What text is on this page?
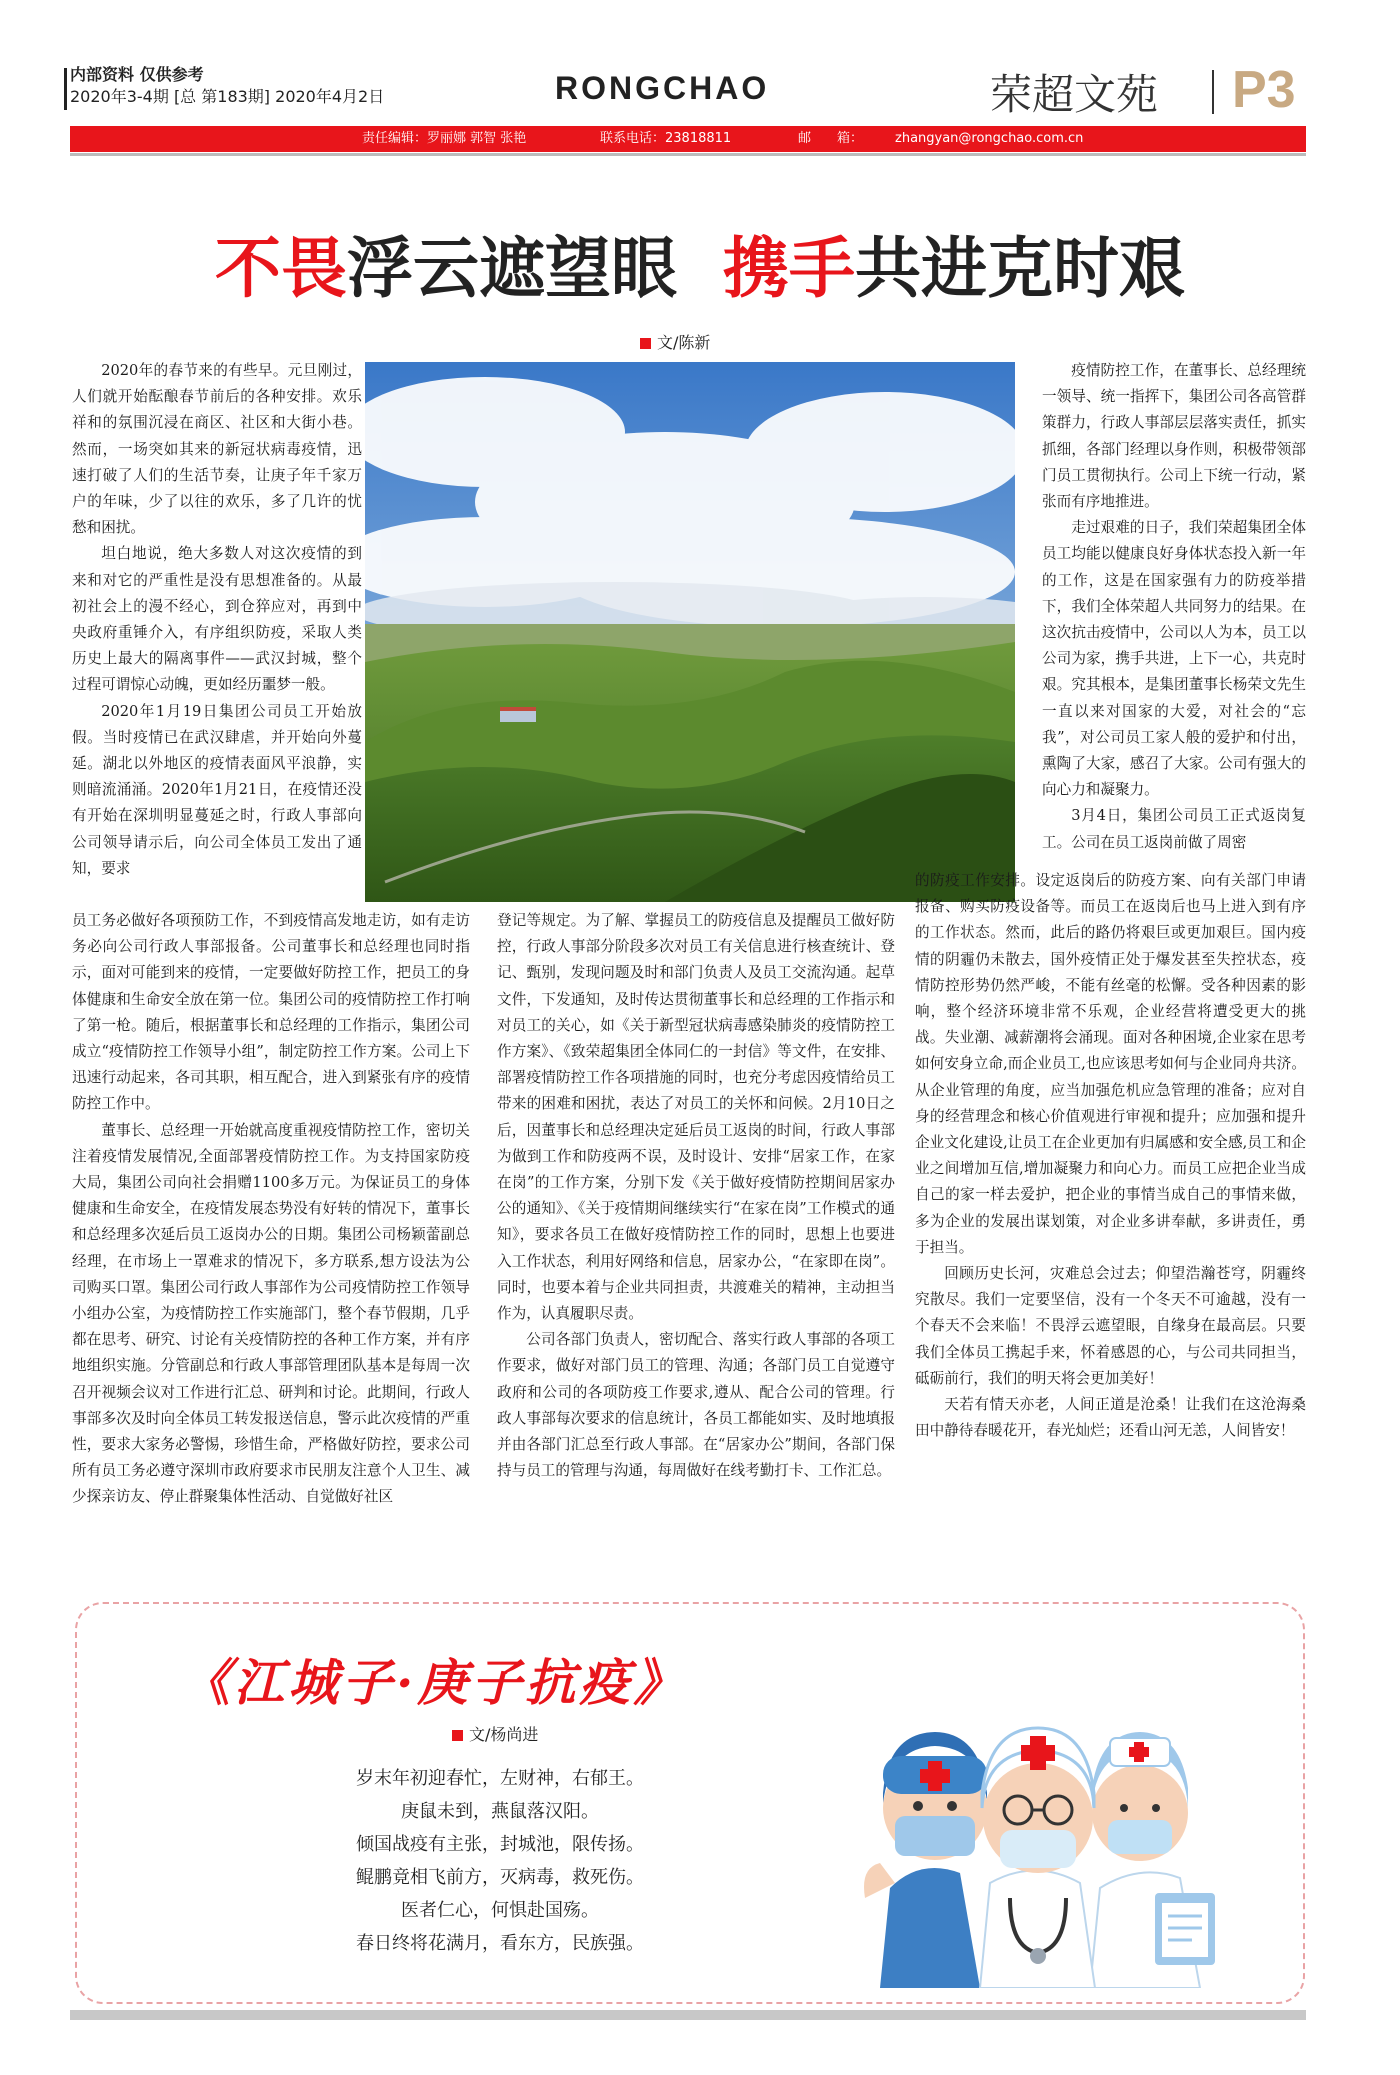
内部资料 仅供参考
2020年3-4期 [总 第183期] 2020年4月2日	RONGCHAO	荣超文苑 P3
责任编辑：罗丽娜 郭智 张艳	联系电话：23818811	邮　　箱： zhangyan@rongchao.com.cn
不畏浮云遮望眼  携手共进克时艰
文/陈新

2020年的春节来的有些早。元旦刚过，人们就开始酝酿春节前后的各种安排。欢乐祥和的氛围沉浸在商区、社区和大街小巷。然而，一场突如其来的新冠状病毒疫情，迅速打破了人们的生活节奏，让庚子年千家万户的年味，少了以往的欢乐，多了几许的忧愁和困扰。

坦白地说，绝大多数人对这次疫情的到来和对它的严重性是没有思想准备的。从最初社会上的漫不经心，到仓猝应对，再到中央政府重锤介入，有序组织防疫，采取人类历史上最大的隔离事件——武汉封城，整个过程可谓惊心动魄，更如经历噩梦一般。

2020年1月19日集团公司员工开始放假。当时疫情已在武汉肆虐，并开始向外蔓延。湖北以外地区的疫情表面风平浪静，实则暗流涌涌。2020年1月21日，在疫情还没有开始在深圳明显蔓延之时，行政人事部向公司领导请示后，向公司全体员工发出了通知，要求

员工务必做好各项预防工作，不到疫情高发地走访，如有走访务必向公司行政人事部报备。公司董事长和总经理也同时指示，面对可能到来的疫情，一定要做好防控工作，把员工的身体健康和生命安全放在第一位。集团公司的疫情防控工作打响了第一枪。随后，根据董事长和总经理的工作指示，集团公司成立“疫情防控工作领导小组”，制定防控工作方案。公司上下迅速行动起来，各司其职，相互配合，进入到紧张有序的疫情防控工作中。

董事长、总经理一开始就高度重视疫情防控工作，密切关注着疫情发展情况,全面部署疫情防控工作。为支持国家防疫大局，集团公司向社会捐赠1100多万元。为保证员工的身体健康和生命安全，在疫情发展态势没有好转的情况下，董事长和总经理多次延后员工返岗办公的日期。集团公司杨颖蕾副总经理，在市场上一罩难求的情况下，多方联系,想方设法为公司购买口罩。集团公司行政人事部作为公司疫情防控工作领导小组办公室，为疫情防控工作实施部门，整个春节假期，几乎都在思考、研究、讨论有关疫情防控的各种工作方案，并有序地组织实施。分管副总和行政人事部管理团队基本是每周一次召开视频会议对工作进行汇总、研判和讨论。此期间，行政人事部多次及时向全体员工转发报送信息，警示此次疫情的严重性，要求大家务必警惕，珍惜生命，严格做好防控，要求公司所有员工务必遵守深圳市政府要求市民朋友注意个人卫生、减少探亲访友、停止群聚集体性活动、自觉做好社区

登记等规定。为了解、掌握员工的防疫信息及提醒员工做好防控，行政人事部分阶段多次对员工有关信息进行核查统计、登记、甄别，发现问题及时和部门负责人及员工交流沟通。起草文件，下发通知，及时传达贯彻董事长和总经理的工作指示和对员工的关心，如《关于新型冠状病毒感染肺炎的疫情防控工作方案》、《致荣超集团全体同仁的一封信》等文件，在安排、部署疫情防控工作各项措施的同时，也充分考虑因疫情给员工带来的困难和困扰，表达了对员工的关怀和问候。2月10日之后，因董事长和总经理决定延后员工返岗的时间，行政人事部为做到工作和防疫两不误，及时设计、安排“居家工作，在家在岗”的工作方案，分别下发《关于做好疫情防控期间居家办公的通知》、《关于疫情期间继续实行“在家在岗”工作模式的通知》，要求各员工在做好疫情防控工作的同时，思想上也要进入工作状态，利用好网络和信息，居家办公，“在家即在岗”。同时，也要本着与企业共同担责，共渡难关的精神，主动担当作为，认真履职尽责。

公司各部门负责人，密切配合、落实行政人事部的各项工作要求，做好对部门员工的管理、沟通；各部门员工自觉遵守政府和公司的各项防疫工作要求,遵从、配合公司的管理。行政人事部每次要求的信息统计，各员工都能如实、及时地填报并由各部门汇总至行政人事部。在“居家办公”期间，各部门保持与员工的管理与沟通，每周做好在线考勤打卡、工作汇总。

疫情防控工作，在董事长、总经理统一领导、统一指挥下，集团公司各高管群策群力，行政人事部层层落实责任，抓实抓细，各部门经理以身作则，积极带领部门员工贯彻执行。公司上下统一行动，紧张而有序地推进。

走过艰难的日子，我们荣超集团全体员工均能以健康良好身体状态投入新一年的工作，这是在国家强有力的防疫举措下，我们全体荣超人共同努力的结果。在这次抗击疫情中，公司以人为本，员工以公司为家，携手共进，上下一心，共克时艰。究其根本，是集团董事长杨荣文先生一直以来对国家的大爱，对社会的“忘我”，对公司员工家人般的爱护和付出，熏陶了大家，感召了大家。公司有强大的向心力和凝聚力。

3月4日，集团公司员工正式返岗复工。公司在员工返岗前做了周密

的防疫工作安排。设定返岗后的防疫方案、向有关部门申请报备、购买防疫设备等。而员工在返岗后也马上进入到有序的工作状态。然而，此后的路仍将艰巨或更加艰巨。国内疫情的阴霾仍未散去，国外疫情正处于爆发甚至失控状态，疫情防控形势仍然严峻，不能有丝毫的松懈。受各种因素的影响，整个经济环境非常不乐观，企业经营将遭受更大的挑战。失业潮、减薪潮将会涌现。面对各种困境,企业家在思考如何安身立命,而企业员工,也应该思考如何与企业同舟共济。从企业管理的角度，应当加强危机应急管理的准备；应对自身的经营理念和核心价值观进行审视和提升；应加强和提升企业文化建设,让员工在企业更加有归属感和安全感,员工和企业之间增加互信,增加凝聚力和向心力。而员工应把企业当成自己的家一样去爱护，把企业的事情当成自己的事情来做，多为企业的发展出谋划策，对企业多讲奉献，多讲责任，勇于担当。

回顾历史长河，灾难总会过去；仰望浩瀚苍穹，阴霾终究散尽。我们一定要坚信，没有一个冬天不可逾越，没有一个春天不会来临！不畏浮云遮望眼，自缘身在最高层。只要我们全体员工携起手来，怀着感恩的心，与公司共同担当，砥砺前行，我们的明天将会更加美好！

天若有情天亦老，人间正道是沧桑！让我们在这沧海桑田中静待春暖花开，春光灿烂；还看山河无恙，人间皆安！

《江城子·庚子抗疫》
文/杨尚进
岁末年初迎春忙，左财神，右郁王。
庚鼠未到，燕鼠落汉阳。
倾国战疫有主张，封城池，限传扬。
鲲鹏竟相飞前方，灭病毒，救死伤。
医者仁心，何惧赴国殇。
春日终将花满月，看东方，民族强。
